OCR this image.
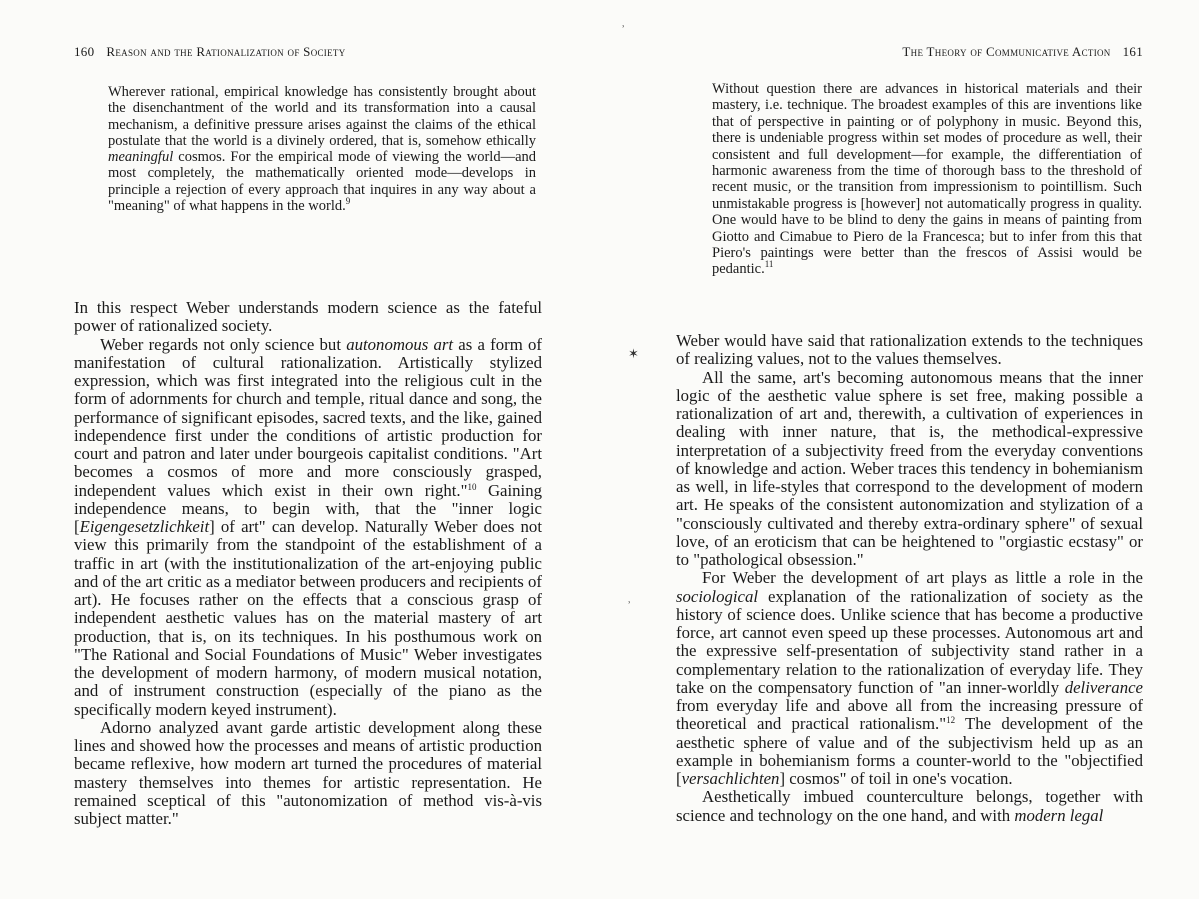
160 Reason and the Rationalization of Society

Wherever rational, empirical knowledge has consistently brought about the disenchantment of the world and its transformation into a causal mechanism, a definitive pressure arises against the claims of the ethical postulate that the world is a divinely ordered, that is, somehow ethically meaningful cosmos. For the empirical mode of viewing the world—and most completely, the mathematically oriented mode—develops in principle a rejection of every approach that inquires in any way about a "meaning" of what happens in the world.$^9$

In this respect Weber understands modern science as the fateful power of rationalized society.

Weber regards not only science but autonomous art as a form of manifestation of cultural rationalization. Artistically stylized expression, which was first integrated into the religious cult in the form of adornments for church and temple, ritual dance and song, the performance of significant episodes, sacred texts, and the like, gained independence first under the conditions of artistic production for court and patron and later under bourgeois capitalist conditions. "Art becomes a cosmos of more and more consciously grasped, independent values which exist in their own right."$^{10}$ Gaining independence means, to begin with, that the "inner logic [Eigengesetzlichkeit] of art" can develop. Naturally Weber does not view this primarily from the standpoint of the establishment of a traffic in art (with the institutionalization of the art-enjoying public and of the art critic as a mediator between producers and recipients of art). He focuses rather on the effects that a conscious grasp of independent aesthetic values has on the material mastery of art production, that is, on its techniques. In his posthumous work on "The Rational and Social Foundations of Music" Weber investigates the development of modern harmony, of modern musical notation, and of instrument construction (especially of the piano as the specifically modern keyed instrument).

Adorno analyzed avant garde artistic development along these lines and showed how the processes and means of artistic production became reflexive, how modern art turned the procedures of material mastery themselves into themes for artistic representation. He remained sceptical of this "autonomization of method vis-à-vis subject matter."

ʾ
✶
ʾ
The Theory of Communicative Action 161

Without question there are advances in historical materials and their mastery, i.e. technique. The broadest examples of this are inventions like that of perspective in painting or of polyphony in music. Beyond this, there is undeniable progress within set modes of procedure as well, their consistent and full development—for example, the differentiation of harmonic awareness from the time of thorough bass to the threshold of recent music, or the transition from impressionism to pointillism. Such unmistakable progress is [however] not automatically progress in quality. One would have to be blind to deny the gains in means of painting from Giotto and Cimabue to Piero de la Francesca; but to infer from this that Piero's paintings were better than the frescos of Assisi would be pedantic.$^{11}$

Weber would have said that rationalization extends to the techniques of realizing values, not to the values themselves.

All the same, art's becoming autonomous means that the inner logic of the aesthetic value sphere is set free, making possible a rationalization of art and, therewith, a cultivation of experiences in dealing with inner nature, that is, the methodical-expressive interpretation of a subjectivity freed from the everyday conventions of knowledge and action. Weber traces this tendency in bohemianism as well, in life-styles that correspond to the development of modern art. He speaks of the consistent autonomization and stylization of a "consciously cultivated and thereby extra-ordinary sphere" of sexual love, of an eroticism that can be heightened to "orgiastic ecstasy" or to "pathological obsession."

For Weber the development of art plays as little a role in the sociological explanation of the rationalization of society as the history of science does. Unlike science that has become a productive force, art cannot even speed up these processes. Autonomous art and the expressive self-presentation of subjectivity stand rather in a complementary relation to the rationalization of everyday life. They take on the compensatory function of "an inner-worldly deliverance from everyday life and above all from the increasing pressure of theoretical and practical rationalism."$^{12}$ The development of the aesthetic sphere of value and of the subjectivism held up as an example in bohemianism forms a counter-world to the "objectified [versachlichten] cosmos" of toil in one's vocation.

Aesthetically imbued counterculture belongs, together with science and technology on the one hand, and with modern legal
